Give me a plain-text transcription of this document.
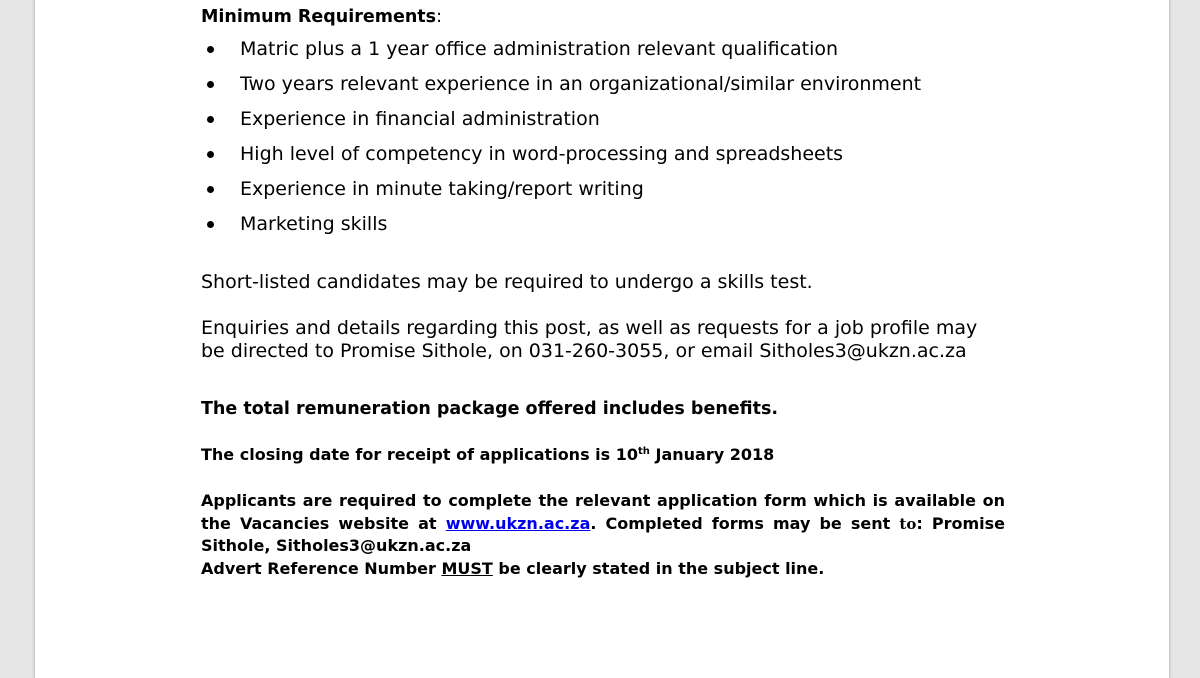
Minimum Requirements:

Matric plus a 1 year office administration relevant qualification
Two years relevant experience in an organizational/similar environment
Experience in financial administration
High level of competency in word-processing and spreadsheets
Experience in minute taking/report writing
Marketing skills

Short-listed candidates may be required to undergo a skills test.

Enquiries and details regarding this post, as well as requests for a job profile may be directed to Promise Sithole, on 031-260-3055, or email Sitholes3@ukzn.ac.za

The total remuneration package offered includes benefits.

The closing date for receipt of applications is 10th January 2018

Applicants are required to complete the relevant application form which is available on the Vacancies website at www.ukzn.ac.za. Completed forms may be sent to: Promise Sithole, Sitholes3@ukzn.ac.za
Advert Reference Number MUST be clearly stated in the subject line.
